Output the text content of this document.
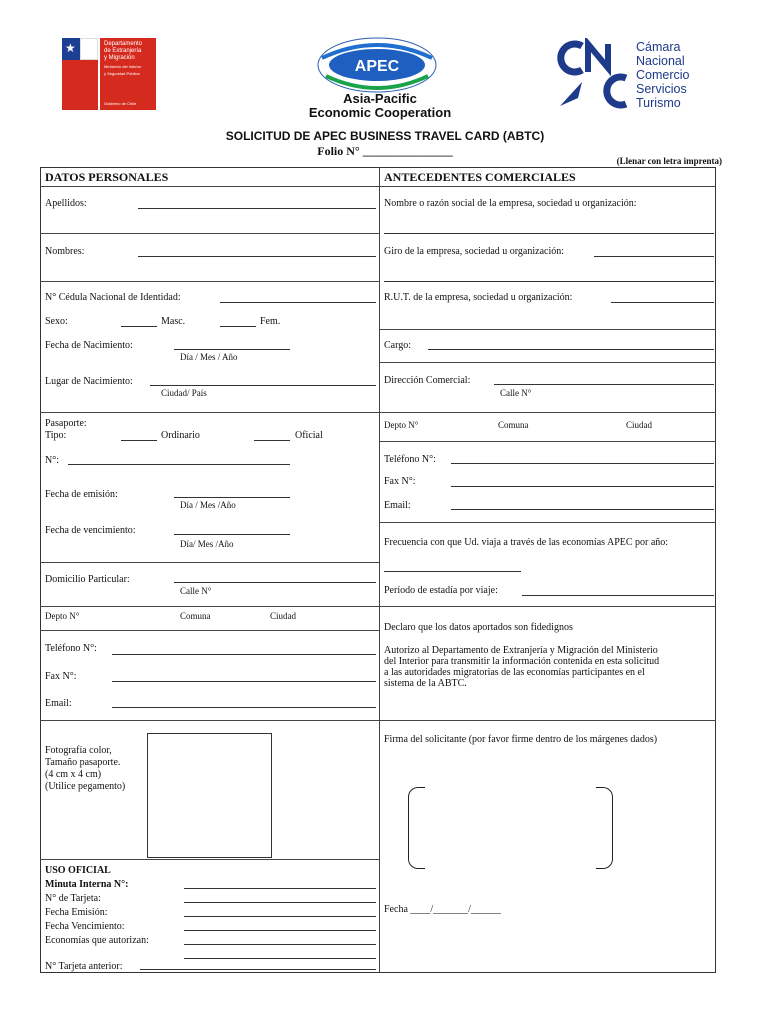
★	Departamento
de Extranjería
y Migración
Ministerio del Interior
y Seguridad Pública
Gobierno de Chile
APEC
Asia-Pacific
Economic Cooperation
CNC
Cámara
Nacional
Comercio
Servicios
Turismo
SOLICITUD DE APEC BUSINESS TRAVEL CARD (ABTC)
Folio N° _______________
(Llenar con letra imprenta)
DATOS PERSONALES
Apellidos:
Nombres:
N° Cédula Nacional de Identidad:
Sexo:	Masc.	Fem.
Fecha de Nacimiento:
Día / Mes / Año
Lugar de Nacimiento:
Ciudad/ País
Pasaporte:
Tipo:	Ordinario	Oficial
N°:
Fecha de emisión:
Día / Mes /Año
Fecha de vencimiento:
Día/ Mes /Año
Domicilio Particular:
Calle N°
Depto N°	Comuna	Ciudad
Teléfono N°:
Fax N°:
Email:
Fotografía color,
Tamaño pasaporte.
(4 cm x 4 cm)
(Utilice pegamento)
USO OFICIAL
Minuta Interna N°:
N° de Tarjeta:
Fecha Emisión:
Fecha Vencimiento:
Economías que autorizan:
N° Tarjeta anterior:
ANTECEDENTES COMERCIALES
Nombre o razón social de la empresa, sociedad u organización:
Giro de la empresa, sociedad u organización:
R.U.T. de la empresa, sociedad u organización:
Cargo:
Dirección Comercial:
Calle N°
Depto N°	Comuna	Ciudad
Teléfono N°:
Fax N°:
Email:
Frecuencia con que Ud. viaja a través de las economías APEC por año:
Período de estadía por viaje:
Declaro que los datos aportados son fidedignos
Autorizo al Departamento de Extranjería y Migración del Ministerio
del Interior para transmitir la información contenida en esta solicitud
a las autoridades migratorias de las economías participantes en el
sistema de la ABTC.
Firma del solicitante (por favor firme dentro de los márgenes dados)
Fecha ____/_______/______
